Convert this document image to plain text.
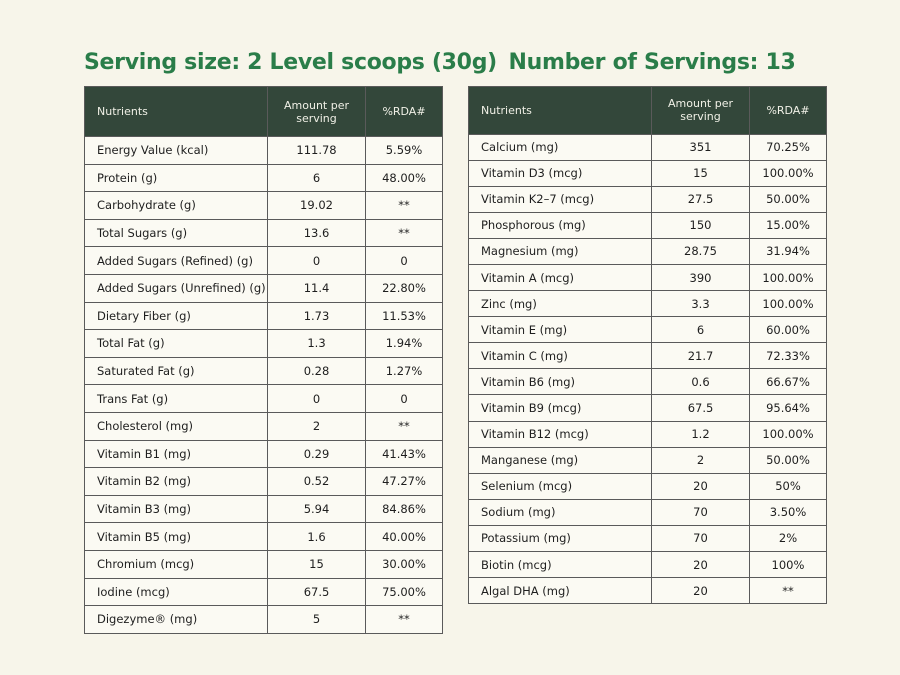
Serving size: 2 Level scoops (30g)
Nutrients	Amount per serving	%RDA#
Energy Value (kcal)	111.78	5.59%
Protein (g)	6	48.00%
Carbohydrate (g)	19.02	**
Total Sugars (g)	13.6	**
Added Sugars (Refined) (g)	0	0
Added Sugars (Unrefined) (g)	11.4	22.80%
Dietary Fiber (g)	1.73	11.53%
Total Fat (g)	1.3	1.94%
Saturated Fat (g)	0.28	1.27%
Trans Fat (g)	0	0
Cholesterol (mg)	2	**
Vitamin B1 (mg)	0.29	41.43%
Vitamin B2 (mg)	0.52	47.27%
Vitamin B3 (mg)	5.94	84.86%
Vitamin B5 (mg)	1.6	40.00%
Chromium (mcg)	15	30.00%
Iodine (mcg)	67.5	75.00%
Digezyme® (mg)	5	**
Number of Servings: 13
Nutrients	Amount per serving	%RDA#
Calcium (mg)	351	70.25%
Vitamin D3 (mcg)	15	100.00%
Vitamin K2–7 (mcg)	27.5	50.00%
Phosphorous (mg)	150	15.00%
Magnesium (mg)	28.75	31.94%
Vitamin A (mcg)	390	100.00%
Zinc (mg)	3.3	100.00%
Vitamin E (mg)	6	60.00%
Vitamin C (mg)	21.7	72.33%
Vitamin B6 (mg)	0.6	66.67%
Vitamin B9 (mcg)	67.5	95.64%
Vitamin B12 (mcg)	1.2	100.00%
Manganese (mg)	2	50.00%
Selenium (mcg)	20	50%
Sodium (mg)	70	3.50%
Potassium (mg)	70	2%
Biotin (mcg)	20	100%
Algal DHA (mg)	20	**
